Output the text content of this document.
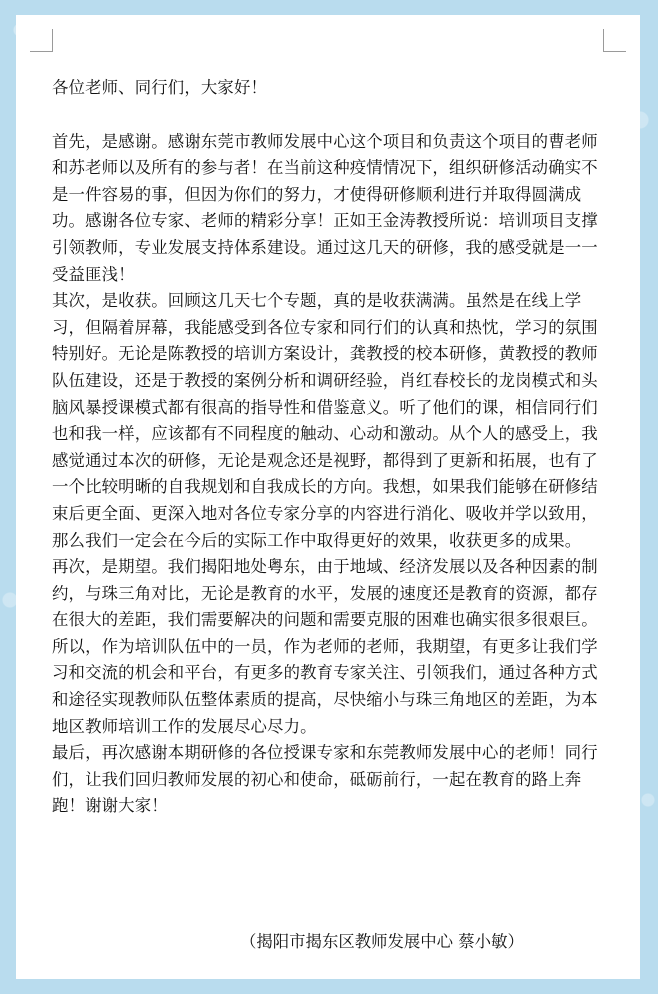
各位老师、同行们，大家好！

首先，是感谢。感谢东莞市教师发展中心这个项目和负责这个项目的曹老师和苏老师以及所有的参与者！在当前这种疫情情况下，组织研修活动确实不是一件容易的事，但因为你们的努力，才使得研修顺利进行并取得圆满成功。感谢各位专家、老师的精彩分享！正如王金涛教授所说：培训项目支撑引领教师，专业发展支持体系建设。通过这几天的研修，我的感受就是一一受益匪浅！

其次，是收获。回顾这几天七个专题，真的是收获满满。虽然是在线上学习，但隔着屏幕，我能感受到各位专家和同行们的认真和热忱，学习的氛围特别好。无论是陈教授的培训方案设计，龚教授的校本研修，黄教授的教师队伍建设，还是于教授的案例分析和调研经验，肖红春校长的龙岗模式和头脑风暴授课模式都有很高的指导性和借鉴意义。听了他们的课，相信同行们也和我一样，应该都有不同程度的触动、心动和激动。从个人的感受上，我感觉通过本次的研修，无论是观念还是视野，都得到了更新和拓展，也有了一个比较明晰的自我规划和自我成长的方向。我想，如果我们能够在研修结束后更全面、更深入地对各位专家分享的内容进行消化、吸收并学以致用，那么我们一定会在今后的实际工作中取得更好的效果，收获更多的成果。

再次，是期望。我们揭阳地处粤东，由于地域、经济发展以及各种因素的制约，与珠三角对比，无论是教育的水平，发展的速度还是教育的资源，都存在很大的差距，我们需要解决的问题和需要克服的困难也确实很多很艰巨。所以，作为培训队伍中的一员，作为老师的老师，我期望，有更多让我们学习和交流的机会和平台，有更多的教育专家关注、引领我们，通过各种方式和途径实现教师队伍整体素质的提高，尽快缩小与珠三角地区的差距，为本地区教师培训工作的发展尽心尽力。

最后，再次感谢本期研修的各位授课专家和东莞教师发展中心的老师！同行们，让我们回归教师发展的初心和使命，砥砺前行，一起在教育的路上奔跑！谢谢大家！

（揭阳市揭东区教师发展中心 蔡小敏）
